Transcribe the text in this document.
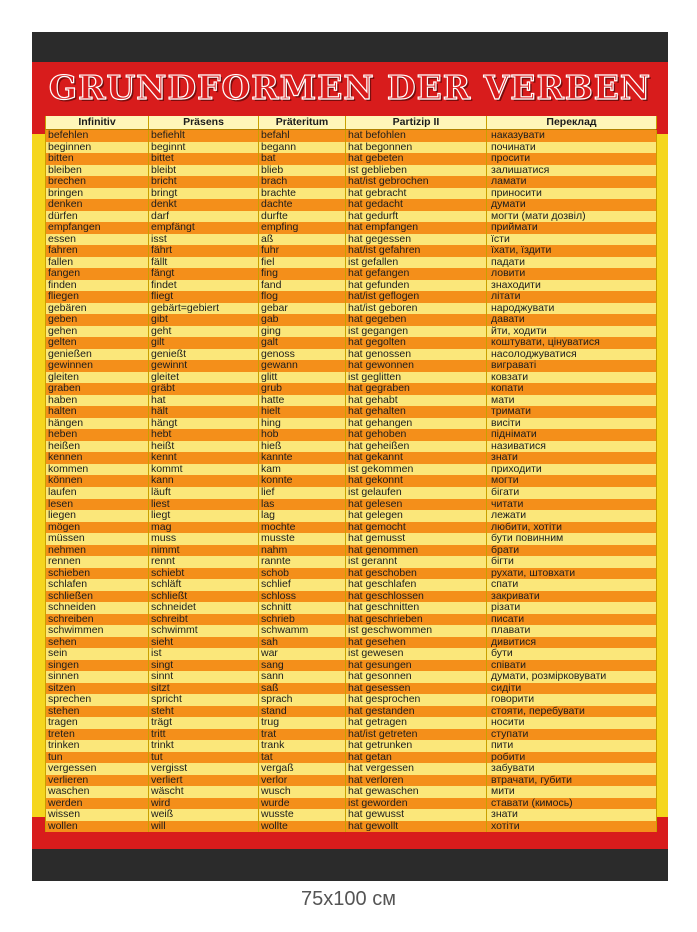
GRUNDFORMEN DER VERBEN
Infinitiv	Präsens	Präteritum	Partizip II	Переклад
befehlen	befiehlt	befahl	hat befohlen	наказувати
beginnen	beginnt	begann	hat begonnen	починати
bitten	bittet	bat	hat gebeten	просити
bleiben	bleibt	blieb	ist geblieben	залишатися
brechen	bricht	brach	hat/ist gebrochen	ламати
bringen	bringt	brachte	hat gebracht	приносити
denken	denkt	dachte	hat gedacht	думати
dürfen	darf	durfte	hat gedurft	могти (мати дозвіл)
empfangen	empfängt	empfing	hat empfangen	приймати
essen	isst	aß	hat gegessen	їсти
fahren	fährt	fuhr	hat/ist gefahren	їхати, їздити
fallen	fällt	fiel	ist gefallen	падати
fangen	fängt	fing	hat gefangen	ловити
finden	findet	fand	hat gefunden	знаходити
fliegen	fliegt	flog	hat/ist geflogen	літати
gebären	gebärt=gebiert	gebar	hat/ist geboren	народжувати
geben	gibt	gab	hat gegeben	давати
gehen	geht	ging	ist gegangen	йти, ходити
gelten	gilt	galt	hat gegolten	коштувати, цінуватися
genießen	genießt	genoss	hat genossen	насолоджуватися
gewinnen	gewinnt	gewann	hat gewonnen	виграватi
gleiten	gleitet	glitt	ist geglitten	ковзати
graben	gräbt	grub	hat gegraben	копати
haben	hat	hatte	hat gehabt	мати
halten	hält	hielt	hat gehalten	тримати
hängen	hängt	hing	hat gehangen	висіти
heben	hebt	hob	hat gehoben	піднімати
heißen	heißt	hieß	hat geheißen	називатися
kennen	kennt	kannte	hat gekannt	знати
kommen	kommt	kam	ist gekommen	приходити
können	kann	konnte	hat gekonnt	могти
laufen	läuft	lief	ist gelaufen	бігати
lesen	liest	las	hat gelesen	читати
liegen	liegt	lag	hat gelegen	лежати
mögen	mag	mochte	hat gemocht	любити, хотіти
müssen	muss	musste	hat gemusst	бути повинним
nehmen	nimmt	nahm	hat genommen	брати
rennen	rennt	rannte	ist gerannt	бігти
schieben	schiebt	schob	hat geschoben	рухати, штовхати
schlafen	schläft	schlief	hat geschlafen	спати
schließen	schließt	schloss	hat geschlossen	закривати
schneiden	schneidet	schnitt	hat geschnitten	різати
schreiben	schreibt	schrieb	hat geschrieben	писати
schwimmen	schwimmt	schwamm	ist geschwommen	плавати
sehen	sieht	sah	hat gesehen	дивитися
sein	ist	war	ist gewesen	бути
singen	singt	sang	hat gesungen	співати
sinnen	sinnt	sann	hat gesonnen	думати, розмірковувати
sitzen	sitzt	saß	hat gesessen	сидіти
sprechen	spricht	sprach	hat gesprochen	говорити
stehen	steht	stand	hat gestanden	стояти, перебувати
tragen	trägt	trug	hat getragen	носити
treten	tritt	trat	hat/ist getreten	ступати
trinken	trinkt	trank	hat getrunken	пити
tun	tut	tat	hat getan	робити
vergessen	vergisst	vergaß	hat vergessen	забувати
verlieren	verliert	verlor	hat verloren	втрачати, губити
waschen	wäscht	wusch	hat gewaschen	мити
werden	wird	wurde	ist geworden	ставати (кимось)
wissen	weiß	wusste	hat gewusst	знати
wollen	will	wollte	hat gewollt	хотіти
75x100 см
